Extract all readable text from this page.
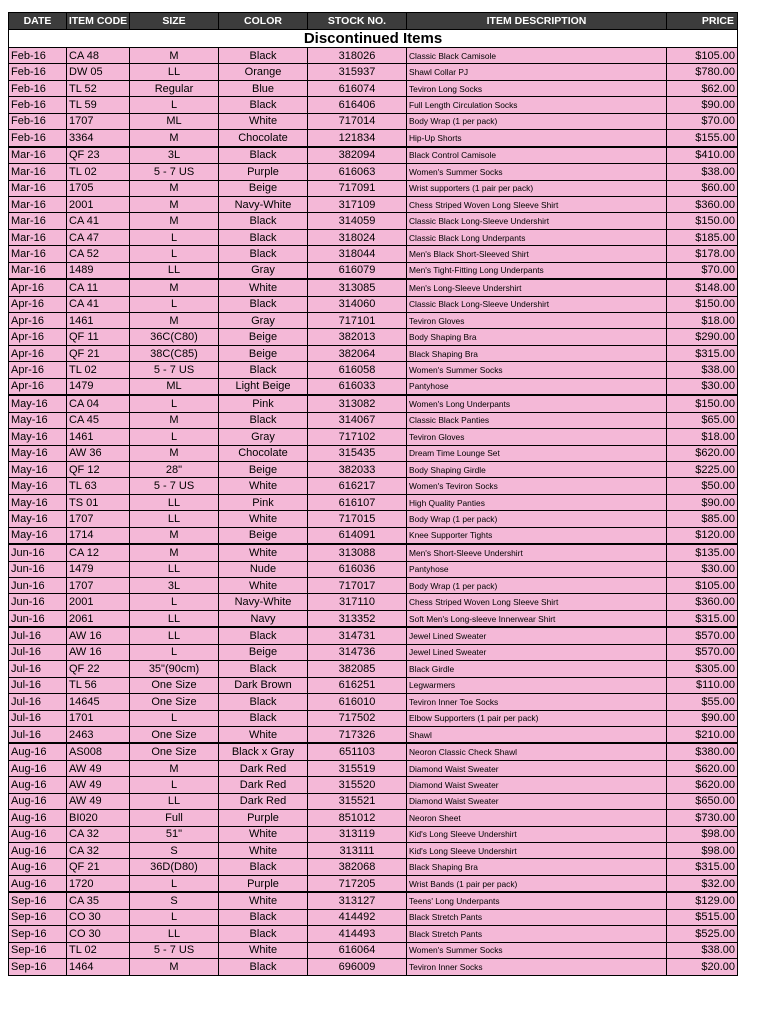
DATE	ITEM CODE	SIZE	COLOR	STOCK NO.	ITEM DESCRIPTION	PRICE
Discontinued Items						
Feb-16	CA 48	M	Black	318026	Classic Black Camisole	$105.00
Feb-16	DW 05	LL	Orange	315937	Shawl Collar PJ	$780.00
Feb-16	TL 52	Regular	Blue	616074	Teviron Long Socks	$62.00
Feb-16	TL 59	L	Black	616406	Full Length Circulation Socks	$90.00
Feb-16	1707	ML	White	717014	Body Wrap (1 per pack)	$70.00
Feb-16	3364	M	Chocolate	121834	Hip-Up Shorts	$155.00
Mar-16	QF 23	3L	Black	382094	Black Control Camisole	$410.00
Mar-16	TL 02	5 - 7 US	Purple	616063	Women's Summer Socks	$38.00
Mar-16	1705	M	Beige	717091	Wrist supporters (1 pair per pack)	$60.00
Mar-16	2001	M	Navy-White	317109	Chess Striped Woven Long Sleeve Shirt	$360.00
Mar-16	CA 41	M	Black	314059	Classic Black Long-Sleeve Undershirt	$150.00
Mar-16	CA 47	L	Black	318024	Classic Black Long Underpants	$185.00
Mar-16	CA 52	L	Black	318044	Men's Black Short-Sleeved Shirt	$178.00
Mar-16	1489	LL	Gray	616079	Men's Tight-Fitting Long Underpants	$70.00
Apr-16	CA 11	M	White	313085	Men's Long-Sleeve Undershirt	$148.00
Apr-16	CA 41	L	Black	314060	Classic Black Long-Sleeve Undershirt	$150.00
Apr-16	1461	M	Gray	717101	Teviron Gloves	$18.00
Apr-16	QF 11	36C(C80)	Beige	382013	Body Shaping Bra	$290.00
Apr-16	QF 21	38C(C85)	Beige	382064	Black Shaping Bra	$315.00
Apr-16	TL 02	5 - 7 US	Black	616058	Women's Summer Socks	$38.00
Apr-16	1479	ML	Light Beige	616033	Pantyhose	$30.00
May-16	CA 04	L	Pink	313082	Women's Long Underpants	$150.00
May-16	CA 45	M	Black	314067	Classic Black Panties	$65.00
May-16	1461	L	Gray	717102	Teviron Gloves	$18.00
May-16	AW 36	M	Chocolate	315435	Dream Time Lounge Set	$620.00
May-16	QF 12	28"	Beige	382033	Body Shaping Girdle	$225.00
May-16	TL 63	5 - 7 US	White	616217	Women's Teviron Socks	$50.00
May-16	TS 01	LL	Pink	616107	High Quality Panties	$90.00
May-16	1707	LL	White	717015	Body Wrap (1 per pack)	$85.00
May-16	1714	M	Beige	614091	Knee Supporter Tights	$120.00
Jun-16	CA 12	M	White	313088	Men's Short-Sleeve Undershirt	$135.00
Jun-16	1479	LL	Nude	616036	Pantyhose	$30.00
Jun-16	1707	3L	White	717017	Body Wrap (1 per pack)	$105.00
Jun-16	2001	L	Navy-White	317110	Chess Striped Woven Long Sleeve Shirt	$360.00
Jun-16	2061	LL	Navy	313352	Soft Men's Long-sleeve Innerwear Shirt	$315.00
Jul-16	AW 16	LL	Black	314731	Jewel Lined Sweater	$570.00
Jul-16	AW 16	L	Beige	314736	Jewel Lined Sweater	$570.00
Jul-16	QF 22	35"(90cm)	Black	382085	Black Girdle	$305.00
Jul-16	TL 56	One Size	Dark Brown	616251	Legwarmers	$110.00
Jul-16	14645	One Size	Black	616010	Teviron Inner Toe Socks	$55.00
Jul-16	1701	L	Black	717502	Elbow Supporters (1 pair per pack)	$90.00
Jul-16	2463	One Size	White	717326	Shawl	$210.00
Aug-16	AS008	One Size	Black x Gray	651103	Neoron Classic Check Shawl	$380.00
Aug-16	AW 49	M	Dark Red	315519	Diamond Waist Sweater	$620.00
Aug-16	AW 49	L	Dark Red	315520	Diamond Waist Sweater	$620.00
Aug-16	AW 49	LL	Dark Red	315521	Diamond Waist Sweater	$650.00
Aug-16	BI020	Full	Purple	851012	Neoron Sheet	$730.00
Aug-16	CA 32	51"	White	313119	Kid's Long Sleeve Undershirt	$98.00
Aug-16	CA 32	S	White	313111	Kid's Long Sleeve Undershirt	$98.00
Aug-16	QF 21	36D(D80)	Black	382068	Black Shaping Bra	$315.00
Aug-16	1720	L	Purple	717205	Wrist Bands (1 pair per pack)	$32.00
Sep-16	CA 35	S	White	313127	Teens' Long Underpants	$129.00
Sep-16	CO 30	L	Black	414492	Black Stretch Pants	$515.00
Sep-16	CO 30	LL	Black	414493	Black Stretch Pants	$525.00
Sep-16	TL 02	5 - 7 US	White	616064	Women's Summer Socks	$38.00
Sep-16	1464	M	Black	696009	Teviron Inner Socks	$20.00
